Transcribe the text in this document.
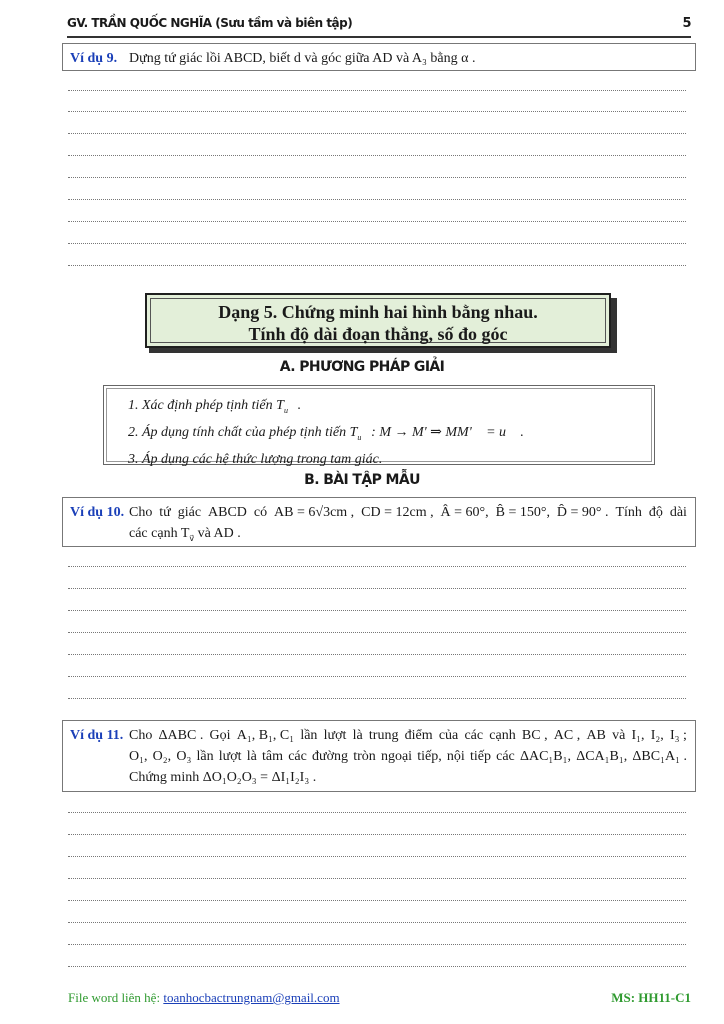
GV. TRẦN QUỐC NGHĨA (Sưu tầm và biên tập)	5
Ví dụ 9. Dựng tứ giác lồi ABCD, biết d và góc giữa AD và A₃ bằng α .
Dạng 5. Chứng minh hai hình bằng nhau.
Tính độ dài đoạn thẳng, số đo góc
A. PHƯƠNG PHÁP GIẢI
1. Xác định phép tịnh tiến $T_{u⃗}$ .
2. Áp dụng tính chất của phép tịnh tiến $T_{u⃗}$ : M → M' ⇒ MM'⃗ = u⃗ .
3. Áp dụng các hệ thức lượng trong tam giác.
B. BÀI TẬP MẪU
Ví dụ 10. Cho tứ giác ABCD có AB = 6√3cm , CD = 12cm , Â = 60°, B̂ = 150°, D̂ = 90° . Tính độ dài
các cạnh $T_{v⃗}$ và AD .
Ví dụ 11. Cho ΔABC . Gọi A₁, B₁, C₁ lần lượt là trung điểm của các cạnh BC , AC , AB và I₁, I₂, I₃ ;
O₁, O₂, O₃ lần lượt là tâm các đường tròn ngoại tiếp, nội tiếp các ΔAC₁B₁, ΔCA₁B₁, ΔBC₁A₁ .
Chứng minh ΔO₁O₂O₃ = ΔI₁I₂I₃ .
File word liên hệ: toanhocbactrungnam@gmail.com	MS: HH11-C1
